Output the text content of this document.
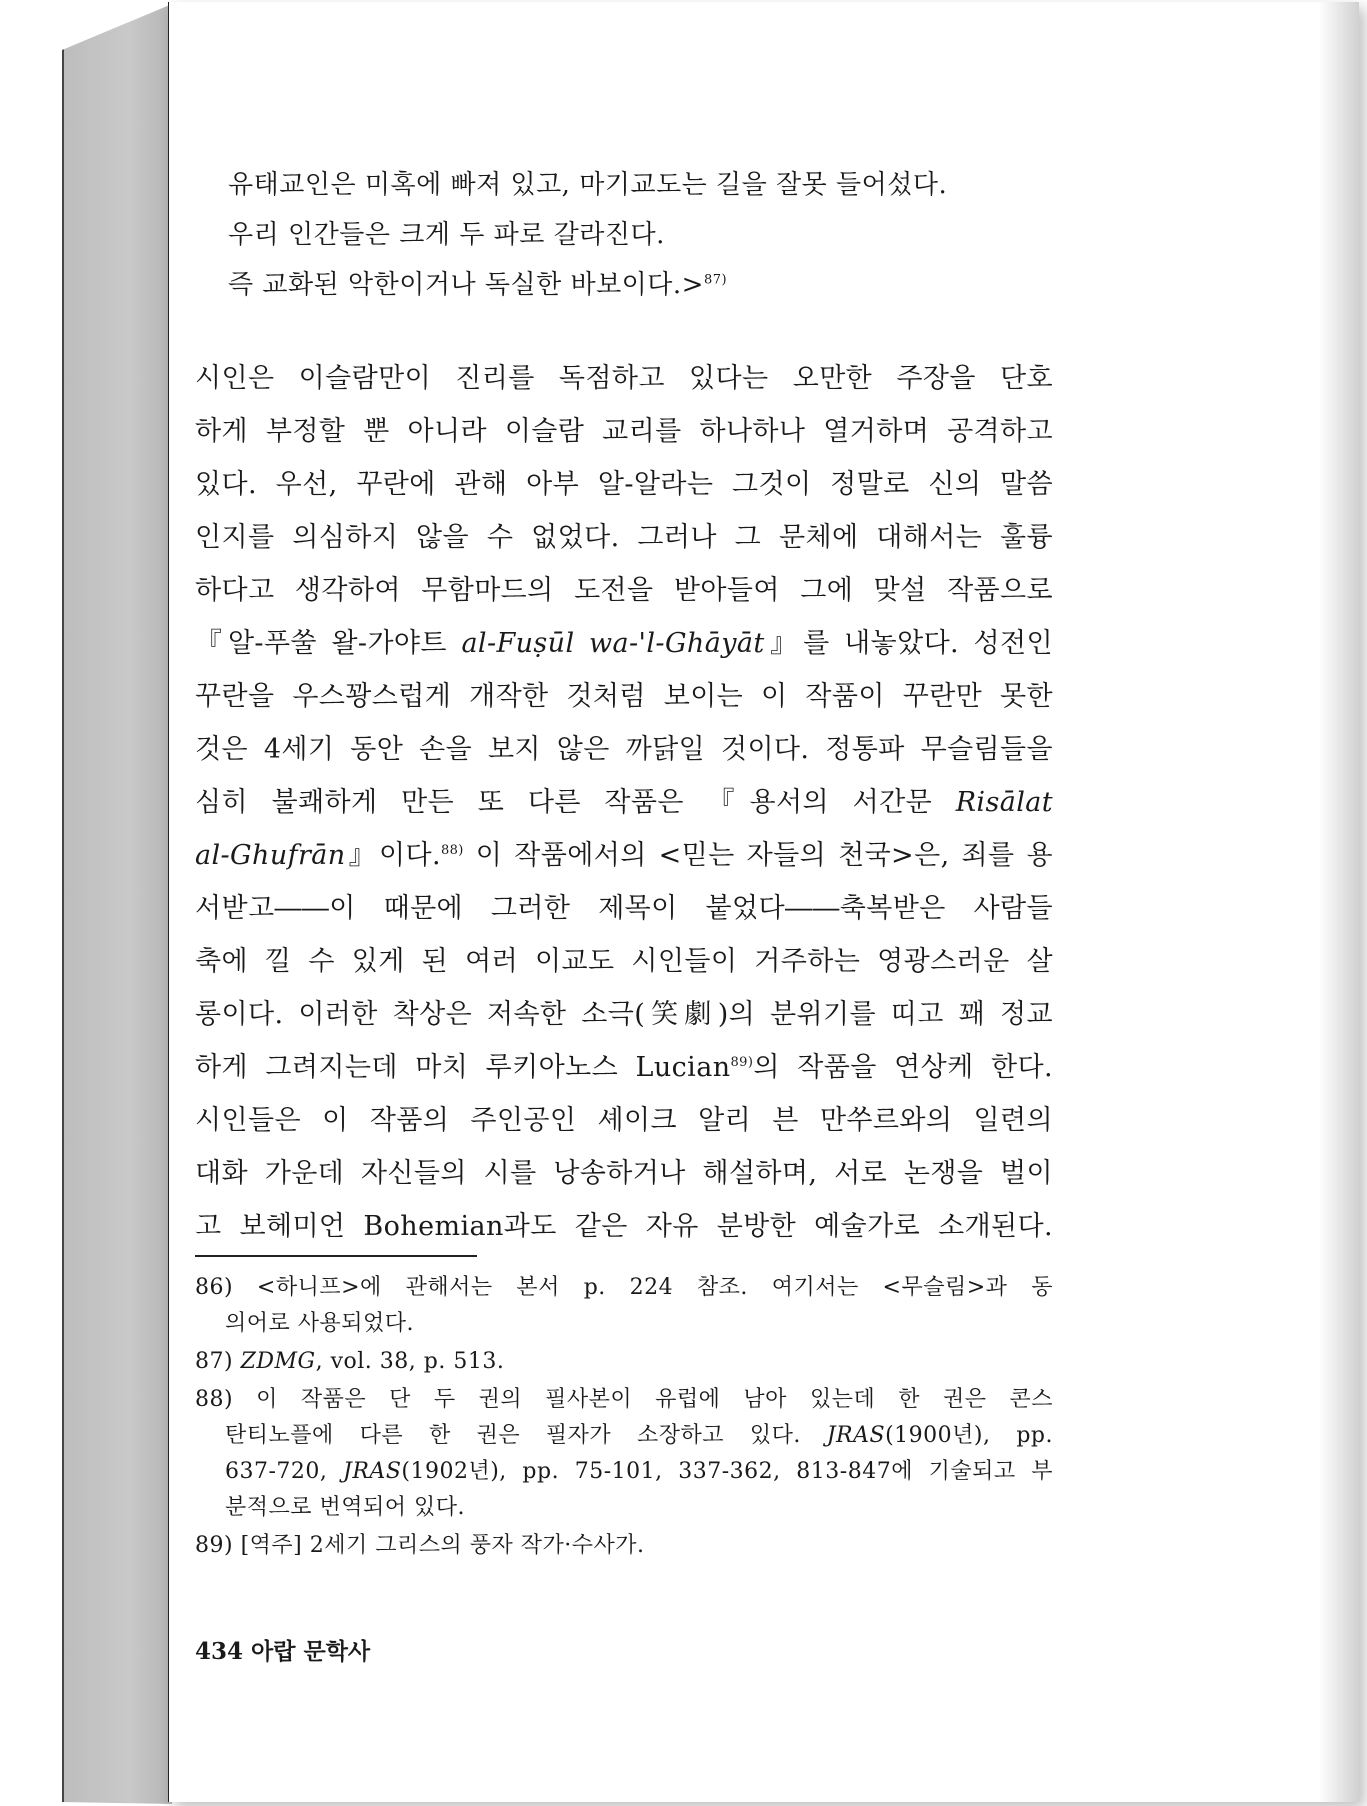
유태교인은 미혹에 빠져 있고, 마기교도는 길을 잘못 들어섰다.

우리 인간들은 크게 두 파로 갈라진다.

즉 교화된 악한이거나 독실한 바보이다.>$^{87)}$

시인은 이슬람만이 진리를 독점하고 있다는 오만한 주장을 단호
하게 부정할 뿐 아니라 이슬람 교리를 하나하나 열거하며 공격하고
있다. 우선, 꾸란에 관해 아부 알-알라는 그것이 정말로 신의 말씀
인지를 의심하지 않을 수 없었다. 그러나 그 문체에 대해서는 훌륭
하다고 생각하여 무함마드의 도전을 받아들여 그에 맞설 작품으로
『알-푸쑬 왈-가야트 al-Fuṣūl wa-'l-Ghāyāt』를 내놓았다. 성전인
꾸란을 우스꽝스럽게 개작한 것처럼 보이는 이 작품이 꾸란만 못한
것은 4세기 동안 손을 보지 않은 까닭일 것이다. 정통파 무슬림들을
심히 불쾌하게 만든 또 다른 작품은 『용서의 서간문 Risālat
al-Ghufrān』이다.$^{88)}$ 이 작품에서의 <믿는 자들의 천국>은, 죄를 용
서받고――이 때문에 그러한 제목이 붙었다――축복받은 사람들
축에 낄 수 있게 된 여러 이교도 시인들이 거주하는 영광스러운 살
롱이다. 이러한 착상은 저속한 소극(笑劇)의 분위기를 띠고 꽤 정교
하게 그려지는데 마치 루키아노스 Lucian$^{89)}$의 작품을 연상케 한다.
시인들은 이 작품의 주인공인 셰이크 알리 븐 만쑤르와의 일련의
대화 가운데 자신들의 시를 낭송하거나 해설하며, 서로 논쟁을 벌이
고 보헤미언 Bohemian과도 같은 자유 분방한 예술가로 소개된다.
86) <하니프>에 관해서는 본서 p. 224 참조. 여기서는 <무슬림>과 동
의어로 사용되었다.
87) ZDMG, vol. 38, p. 513.
88) 이 작품은 단 두 권의 필사본이 유럽에 남아 있는데 한 권은 콘스
탄티노플에 다른 한 권은 필자가 소장하고 있다. JRAS(1900년), pp.
637-720, JRAS(1902년), pp. 75-101, 337-362, 813-847에 기술되고 부
분적으로 번역되어 있다.
89) [역주] 2세기 그리스의 풍자 작가·수사가.
434 아랍 문학사
